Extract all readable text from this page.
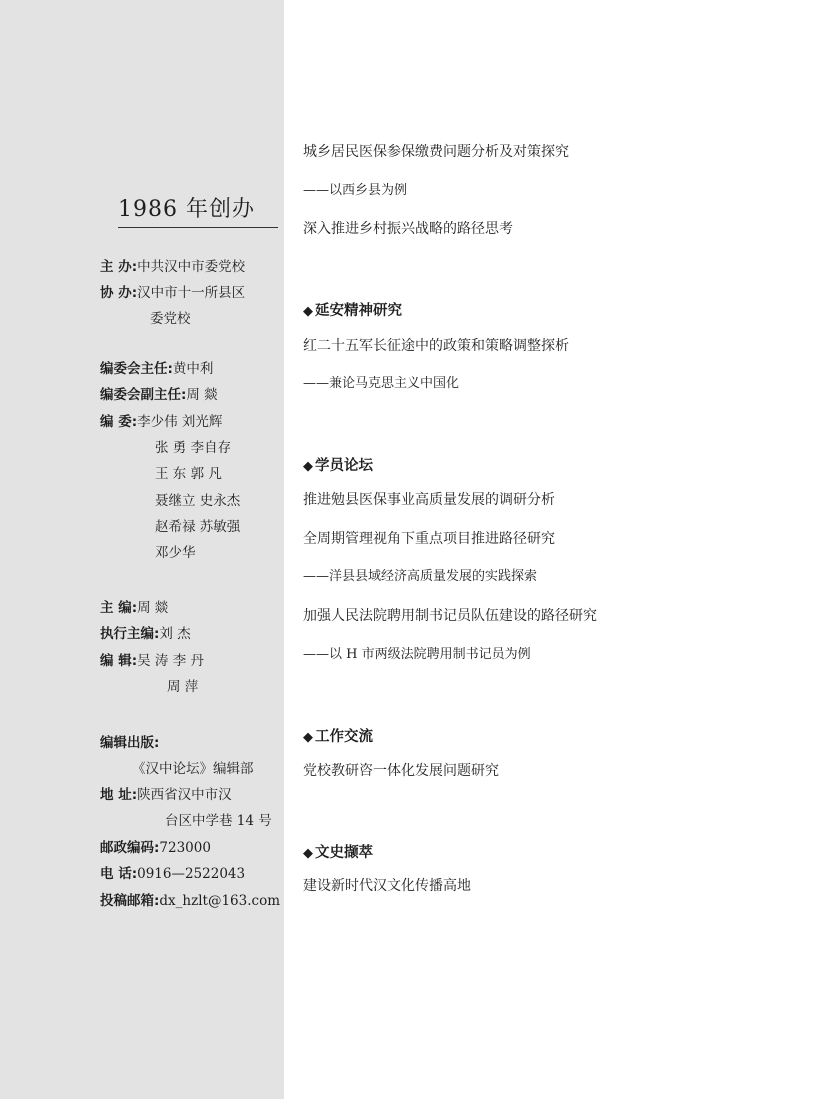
1986 年创办
主 办:中共汉中市委党校
协 办:汉中市十一所县区
委党校
编委会主任:黄中利
编委会副主任:周 燚
编 委:李少伟 刘光辉
张 勇 李自存
王 东 郭 凡
聂继立 史永杰
赵希禄 苏敏强
邓少华
主 编:周 燚
执行主编:刘 杰
编 辑:吴 涛 李 丹
周 萍
编辑出版:
《汉中论坛》编辑部
地 址:陕西省汉中市汉
台区中学巷 14 号
邮政编码:723000
电 话:0916—2522043
投稿邮箱:dx_hzlt@163.com
城乡居民医保参保缴费问题分析及对策探究
——以西乡县为例
深入推进乡村振兴战略的路径思考
◆ 延安精神研究
红二十五军长征途中的政策和策略调整探析
——兼论马克思主义中国化
◆ 学员论坛
推进勉县医保事业高质量发展的调研分析
全周期管理视角下重点项目推进路径研究
——洋县县域经济高质量发展的实践探索
加强人民法院聘用制书记员队伍建设的路径研究
——以 H 市两级法院聘用制书记员为例
◆ 工作交流
党校教研咨一体化发展问题研究
◆ 文史撷萃
建设新时代汉文化传播高地
